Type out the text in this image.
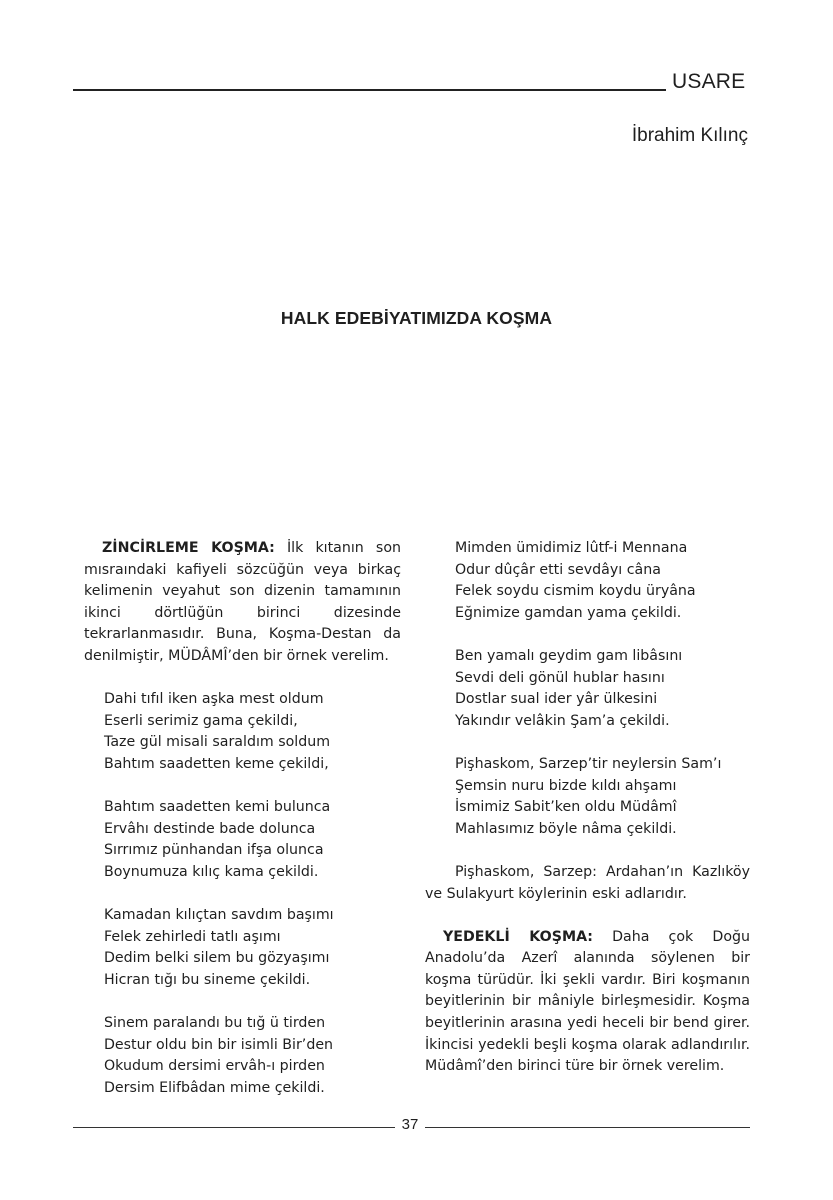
USARE
İbrahim Kılınç
HALK EDEBİYATIMIZDA KOŞMA

ZİNCİRLEME KOŞMA: İlk kıtanın son mısraındaki kafiyeli sözcüğün veya birkaç kelimenin veyahut son dizenin tamamının ikinci dörtlüğün birinci dizesinde tekrarlanmasıdır. Buna, Koşma-Destan da denilmiştir, MÜDÂMÎ’den bir örnek verelim.

Dahi tıfıl iken aşka mest oldum
Eserli serimiz gama çekildi,
Taze gül misali saraldım soldum
Bahtım saadetten keme çekildi,
Bahtım saadetten kemi bulunca
Ervâhı destinde bade dolunca
Sırrımız pünhandan ifşa olunca
Boynumuza kılıç kama çekildi.
Kamadan kılıçtan savdım başımı
Felek zehirledi tatlı aşımı
Dedim belki silem bu gözyaşımı
Hicran tığı bu sineme çekildi.
Sinem paralandı bu tığ ü tirden
Destur oldu bin bir isimli Bir’den
Okudum dersimi ervâh-ı pirden
Dersim Elifbâdan mime çekildi.
Mimden ümidimiz lûtf-i Mennana
Odur dûçâr etti sevdâyı câna
Felek soydu cismim koydu üryâna
Eğnimize gamdan yama çekildi.
Ben yamalı geydim gam libâsını
Sevdi deli gönül hublar hasını
Dostlar sual ider yâr ülkesini
Yakındır velâkin Şam’a çekildi.
Pişhaskom, Sarzep’tir neylersin Sam’ı
Şemsin nuru bizde kıldı ahşamı
İsmimiz Sabit’ken oldu Müdâmî
Mahlasımız böyle nâma çekildi.

Pişhaskom, Sarzep: Ardahan’ın Kazlıköy ve Sulakyurt köylerinin eski adlarıdır.

YEDEKLİ KOŞMA: Daha çok Doğu Anadolu’da Azerî alanında söylenen bir koşma türüdür. İki şekli vardır. Biri koşmanın beyitlerinin bir mâniyle birleşmesidir. Koşma beyitlerinin arasına yedi heceli bir bend girer. İkincisi yedekli beşli koşma olarak adlandırılır. Müdâmî’den birinci türe bir örnek verelim.

37
